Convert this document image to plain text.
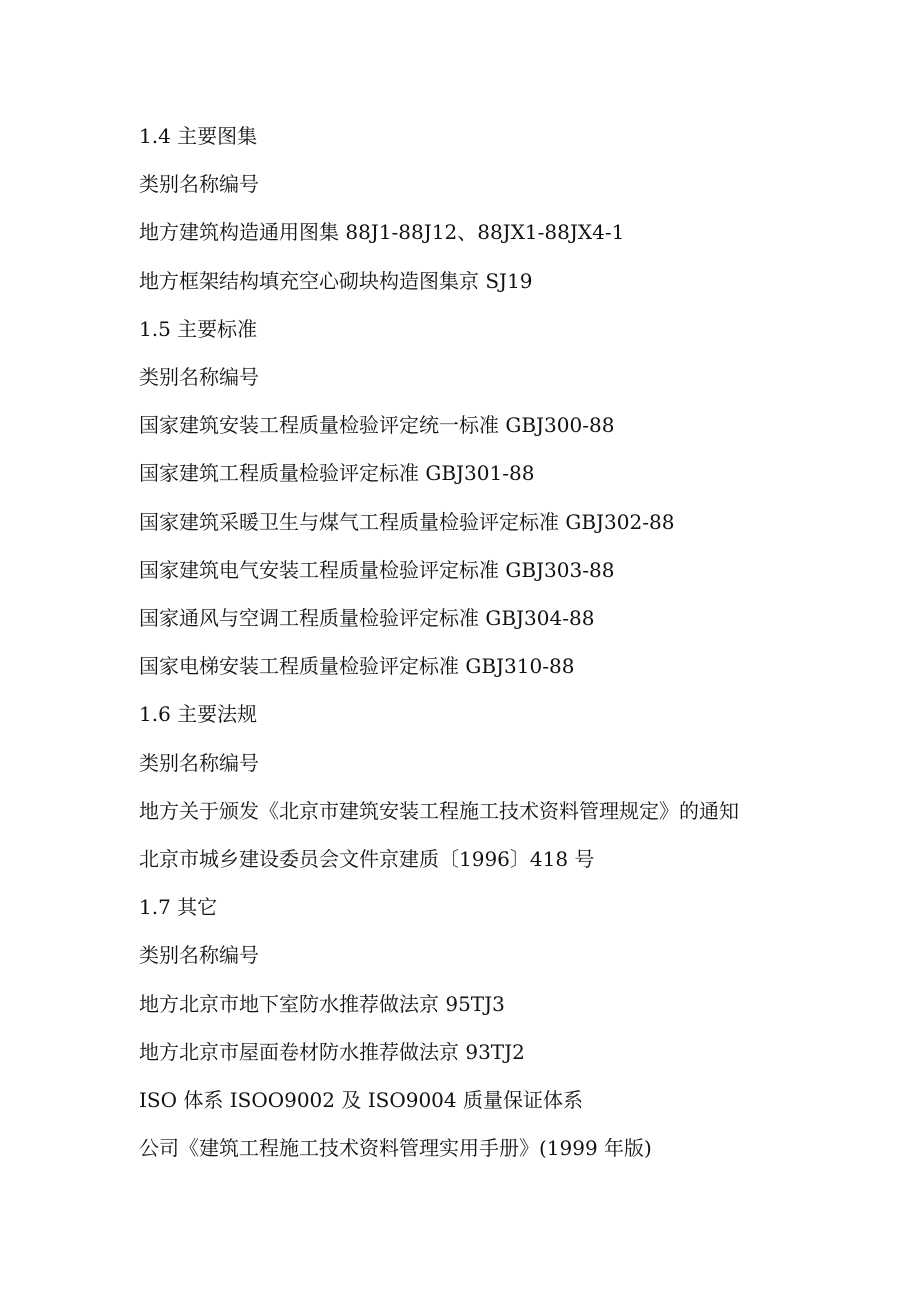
1.4 主要图集

类别名称编号

地方建筑构造通用图集 88J1-88J12、88JX1-88JX4-1

地方框架结构填充空心砌块构造图集京 SJ19

1.5 主要标准

类别名称编号

国家建筑安装工程质量检验评定统一标准 GBJ300-88

国家建筑工程质量检验评定标准 GBJ301-88

国家建筑采暖卫生与煤气工程质量检验评定标准 GBJ302-88

国家建筑电气安装工程质量检验评定标准 GBJ303-88

国家通风与空调工程质量检验评定标准 GBJ304-88

国家电梯安装工程质量检验评定标准 GBJ310-88

1.6 主要法规

类别名称编号

地方关于颁发《北京市建筑安装工程施工技术资料管理规定》的通知

北京市城乡建设委员会文件京建质〔1996〕418 号

1.7 其它

类别名称编号

地方北京市地下室防水推荐做法京 95TJ3

地方北京市屋面卷材防水推荐做法京 93TJ2

ISO 体系 ISOO9002 及 ISO9004 质量保证体系

公司《建筑工程施工技术资料管理实用手册》(1999 年版)
